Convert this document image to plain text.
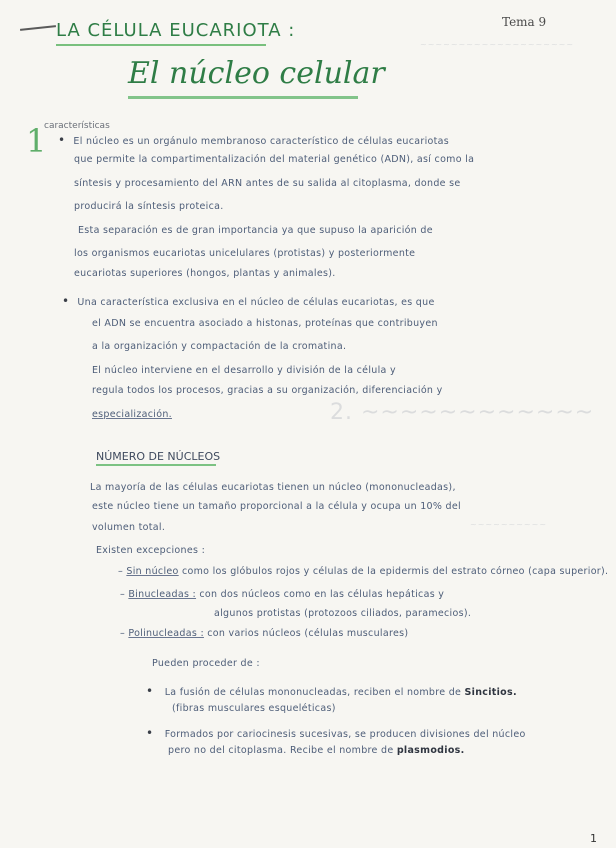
~~~~~~~~~~~~~~~~~~~~
2. ~~~~~~~~~~~~
~~~~~~~~~~
LA CÉLULA EUCARIOTA :	Tema 9
El núcleo celular
1
características
• El núcleo es un orgánulo membranoso característico de células eucariotas
que permite la compartimentalización del material genético (ADN), así como la
síntesis y procesamiento del ARN antes de su salida al citoplasma, donde se
producirá la síntesis proteica.
Esta separación es de gran importancia ya que supuso la aparición de
los organismos eucariotas unicelulares (protistas) y posteriormente
eucariotas superiores (hongos, plantas y animales).
• Una característica exclusiva en el núcleo de células eucariotas, es que
el ADN se encuentra asociado a histonas, proteínas que contribuyen
a la organización y compactación de la cromatina.
El núcleo interviene en el desarrollo y división de la célula y
regula todos los procesos, gracias a su organización, diferenciación y
especialización.
NÚMERO DE NÚCLEOS
La mayoría de las células eucariotas tienen un núcleo (mononucleadas),
este núcleo tiene un tamaño proporcional a la célula y ocupa un 10% del
volumen total.
Existen excepciones :
– Sin núcleo como los glóbulos rojos y células de la epidermis del estrato córneo (capa superior).
– Binucleadas : con dos núcleos como en las células hepáticas y
algunos protistas (protozoos ciliados, paramecios).
– Polinucleadas : con varios núcleos (células musculares)
Pueden proceder de :
• La fusión de células mononucleadas, reciben el nombre de Sincitios.
(fibras musculares esqueléticas)
• Formados por cariocinesis sucesivas, se producen divisiones del núcleo
pero no del citoplasma. Recibe el nombre de plasmodios.
1
